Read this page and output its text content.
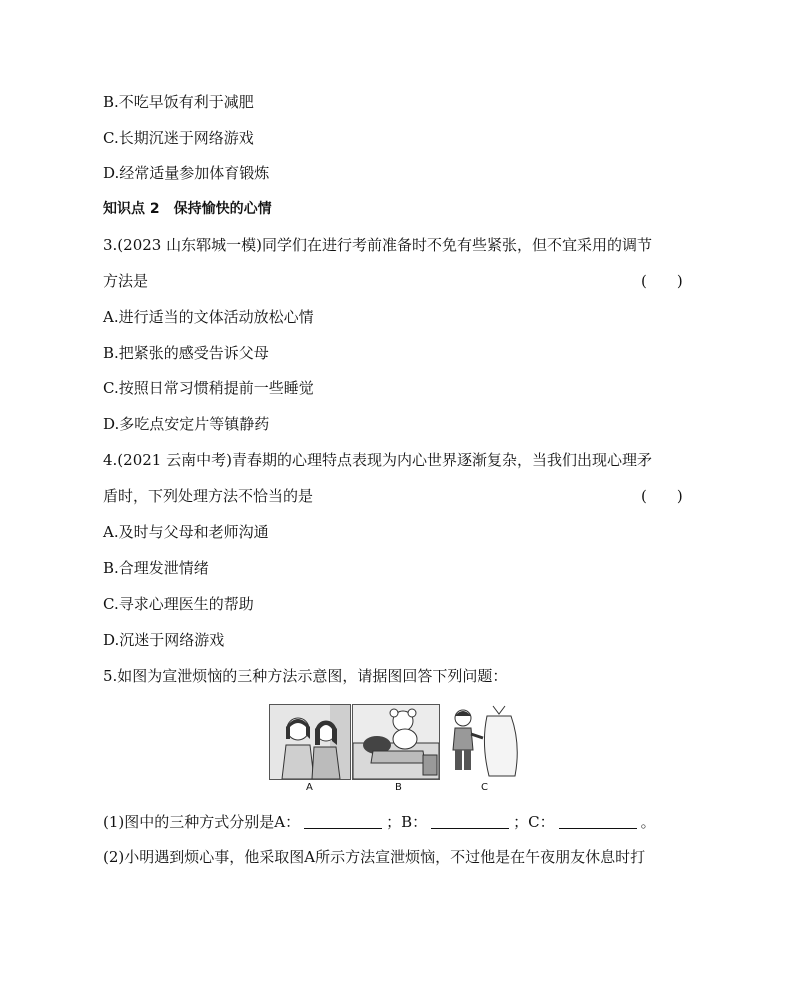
B.不吃早饭有利于减肥
C.长期沉迷于网络游戏
D.经常适量参加体育锻炼
知识点 2　保持愉快的心情
3.(2023 山东郓城一模)同学们在进行考前准备时不免有些紧张，但不宜采用的调节
方法是	(　　)
A.进行适当的文体活动放松心情
B.把紧张的感受告诉父母
C.按照日常习惯稍提前一些睡觉
D.多吃点安定片等镇静药
4.(2021 云南中考)青春期的心理特点表现为内心世界逐渐复杂，当我们出现心理矛
盾时，下列处理方法不恰当的是	(　　)
A.及时与父母和老师沟通
B.合理发泄情绪
C.寻求心理医生的帮助
D.沉迷于网络游戏
5.如图为宣泄烦恼的三种方法示意图，请据图回答下列问题：
A	B	C
(1)图中的三种方式分别是A：	；B：	；C：	。
(2)小明遇到烦心事，他采取图A所示方法宣泄烦恼，不过他是在午夜朋友休息时打
